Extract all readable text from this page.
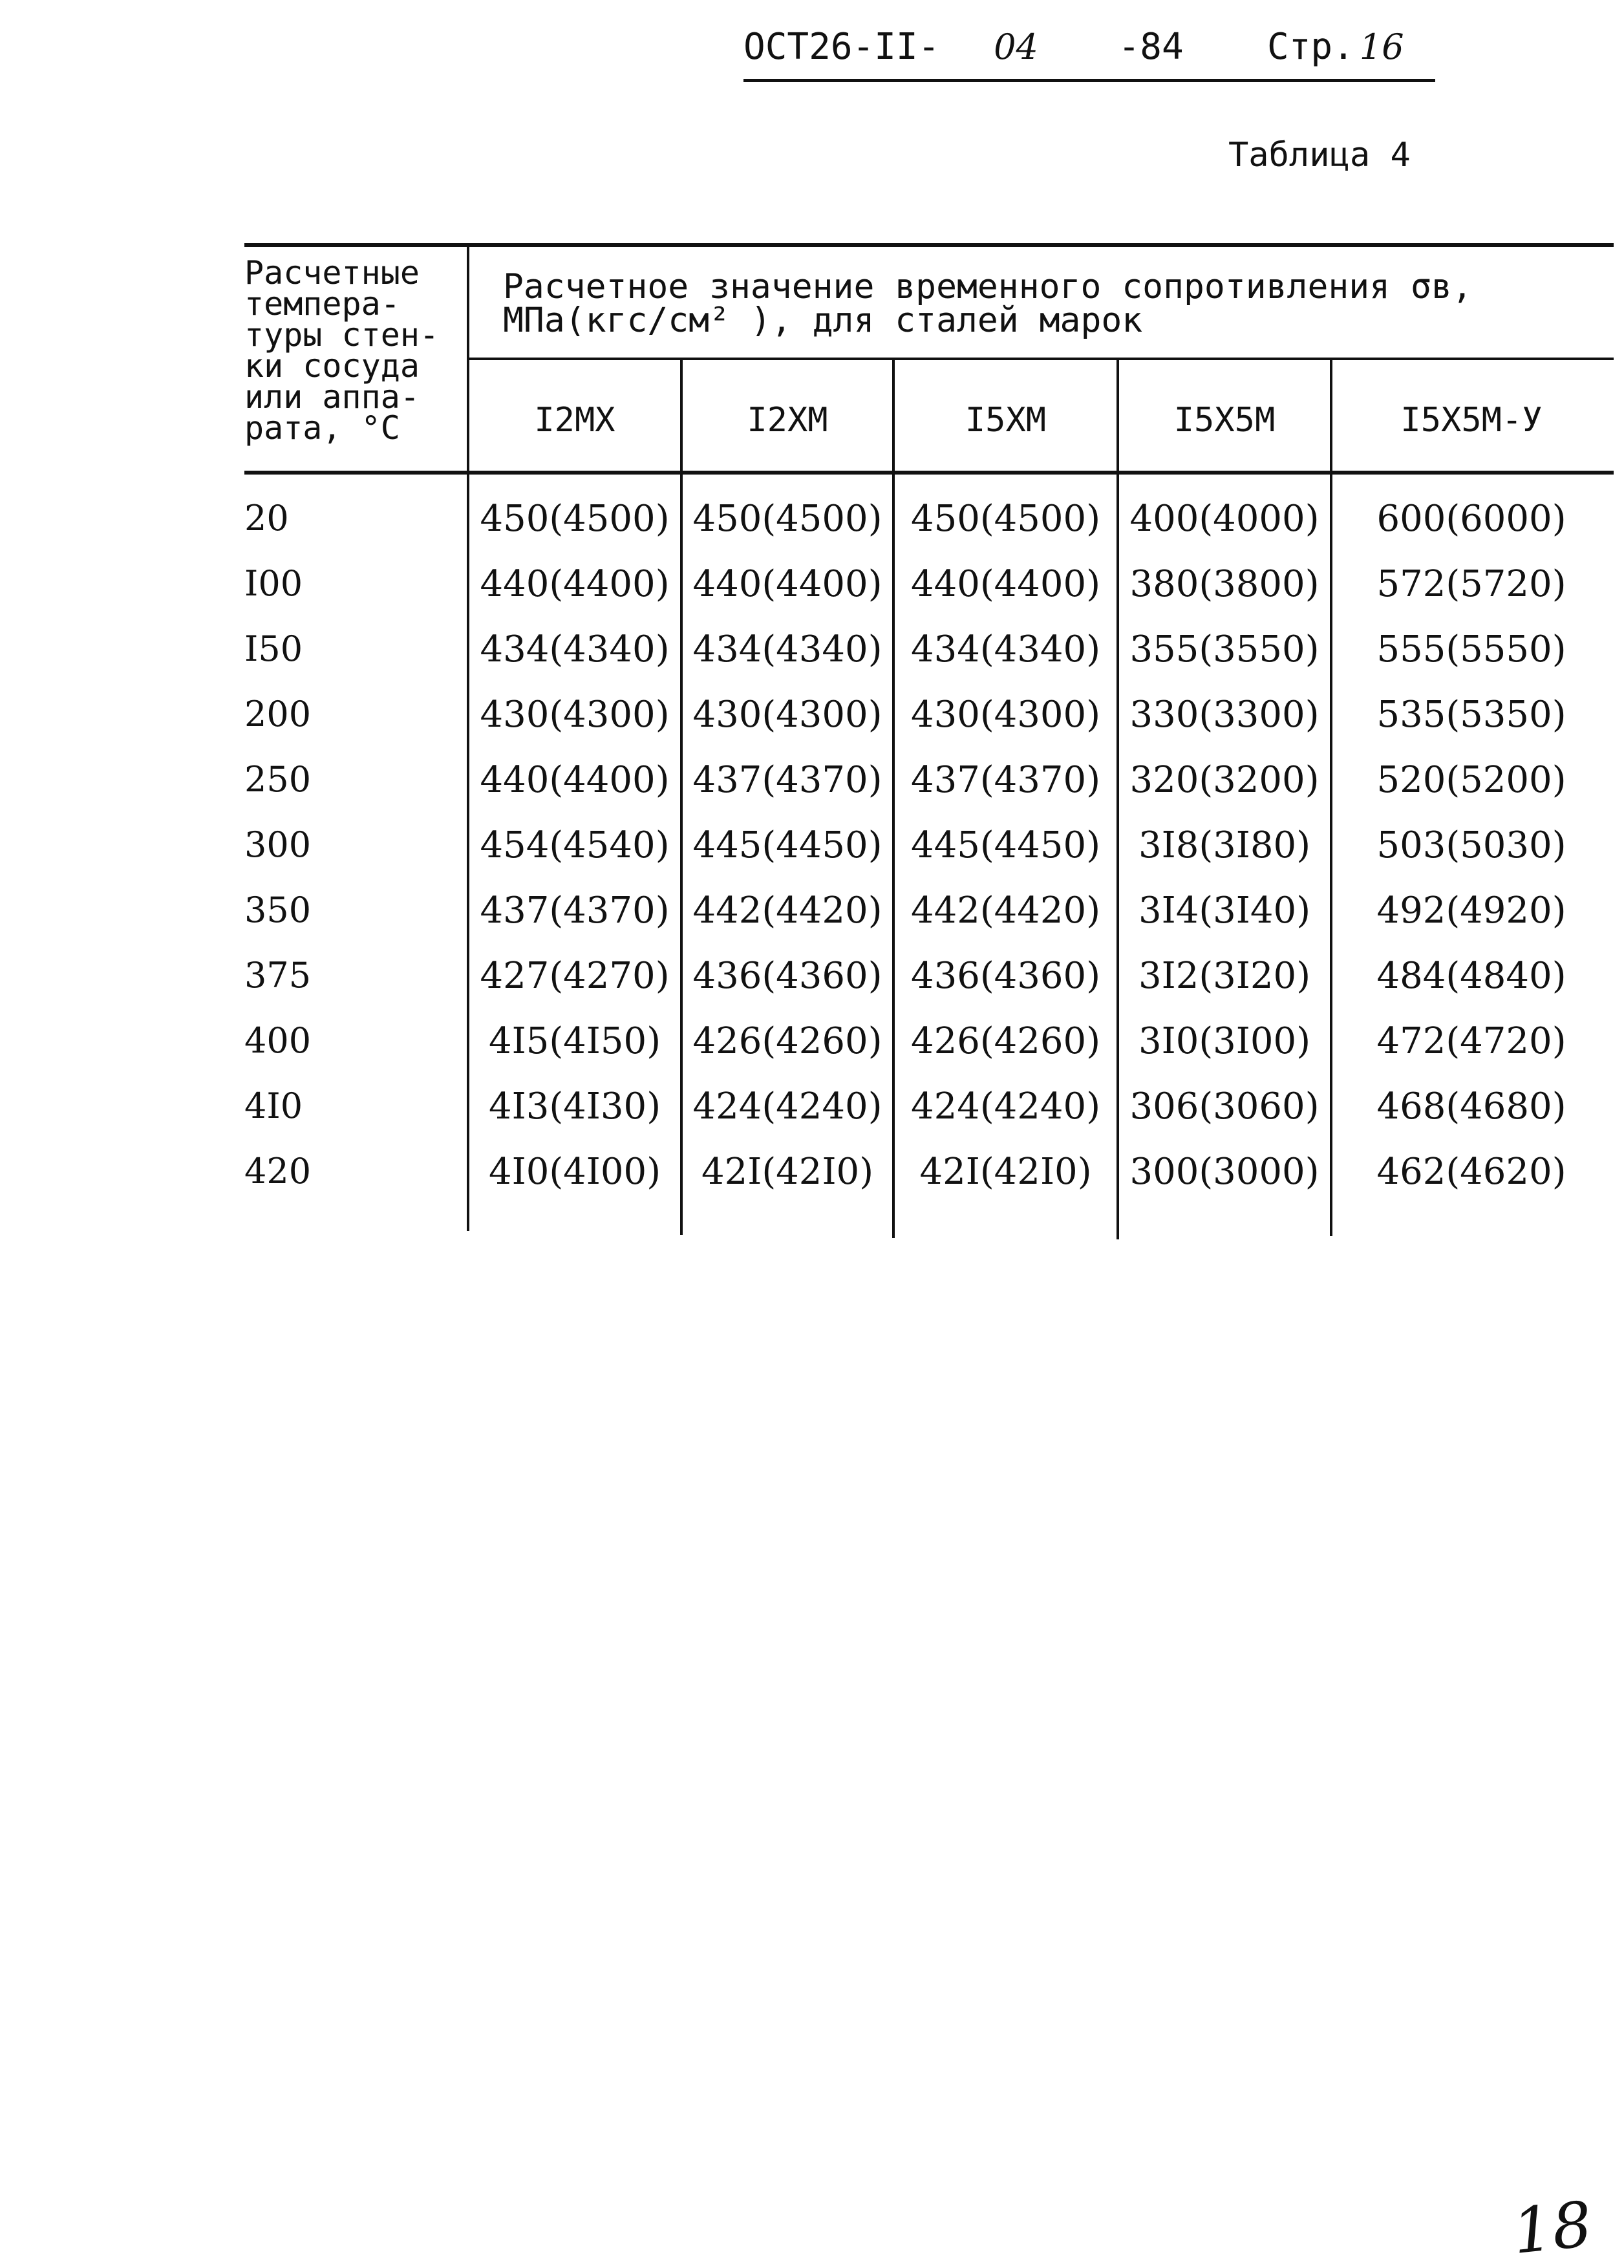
ОСТ26-II- 04 -84 Стр. 16
Таблица 4
Расчетные темпера-туры стен-ки сосуда или аппа-рата, °С
Расчетное значение временного сопротивления σв, МПа(кгс/см² ), для сталей марок
I2MX	I2XM	I5XM	I5X5M	I5X5M-У
20	450(4500) 450(4500) 450(4500) 400(4000)	600(6000)
I00	440(4400) 440(4400) 440(4400) 380(3800)	572(5720)
I50	434(4340) 434(4340) 434(4340) 355(3550)	555(5550)
200	430(4300) 430(4300) 430(4300) 330(3300)	535(5350)
250	440(4400) 437(4370) 437(4370) 320(3200)	520(5200)
300	454(4540) 445(4450) 445(4450)	3I8(3I80)	503(5030)
350	437(4370) 442(4420) 442(4420)	3I4(3I40)	492(4920)
375	427(4270) 436(4360) 436(4360)	3I2(3I20)	484(4840)
400	4I5(4I50) 426(4260) 426(4260)	3I0(3I00)	472(4720)
4I0	4I3(4I30) 424(4240) 424(4240) 306(3060)	468(4680)
420	4I0(4I00)	42I(42I0)	42I(42I0)	300(3000)	462(4620)
18
